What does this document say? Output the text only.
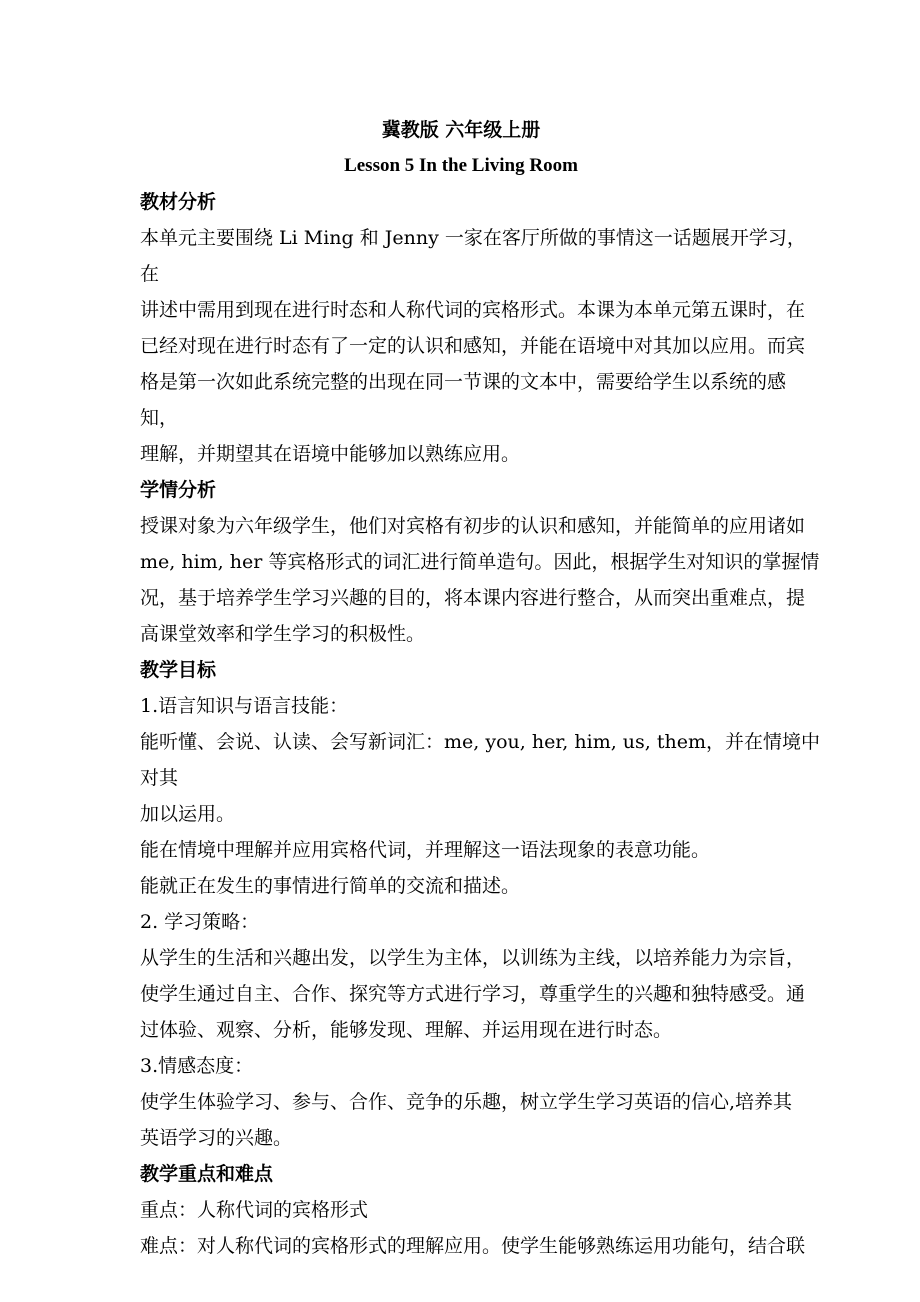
冀教版 六年级上册
Lesson 5 In the Living Room
教材分析
本单元主要围绕 Li Ming 和 Jenny 一家在客厅所做的事情这一话题展开学习，在
讲述中需用到现在进行时态和人称代词的宾格形式。本课为本单元第五课时，在
已经对现在进行时态有了一定的认识和感知，并能在语境中对其加以应用。而宾
格是第一次如此系统完整的出现在同一节课的文本中，需要给学生以系统的感知，
理解，并期望其在语境中能够加以熟练应用。
学情分析
授课对象为六年级学生，他们对宾格有初步的认识和感知，并能简单的应用诸如
me, him, her 等宾格形式的词汇进行简单造句。因此，根据学生对知识的掌握情
况，基于培养学生学习兴趣的目的，将本课内容进行整合，从而突出重难点，提
高课堂效率和学生学习的积极性。
教学目标
1.语言知识与语言技能：
能听懂、会说、认读、会写新词汇：me, you, her, him, us, them，并在情境中对其
加以运用。
能在情境中理解并应用宾格代词，并理解这一语法现象的表意功能。
能就正在发生的事情进行简单的交流和描述。
2. 学习策略：
从学生的生活和兴趣出发，以学生为主体，以训练为主线，以培养能力为宗旨，
使学生通过自主、合作、探究等方式进行学习，尊重学生的兴趣和独特感受。通
过体验、观察、分析，能够发现、理解、并运用现在进行时态。
3.情感态度：
使学生体验学习、参与、合作、竞争的乐趣，树立学生学习英语的信心,培养其
英语学习的兴趣。
教学重点和难点
重点：人称代词的宾格形式
难点：对人称代词的宾格形式的理解应用。使学生能够熟练运用功能句，结合联
